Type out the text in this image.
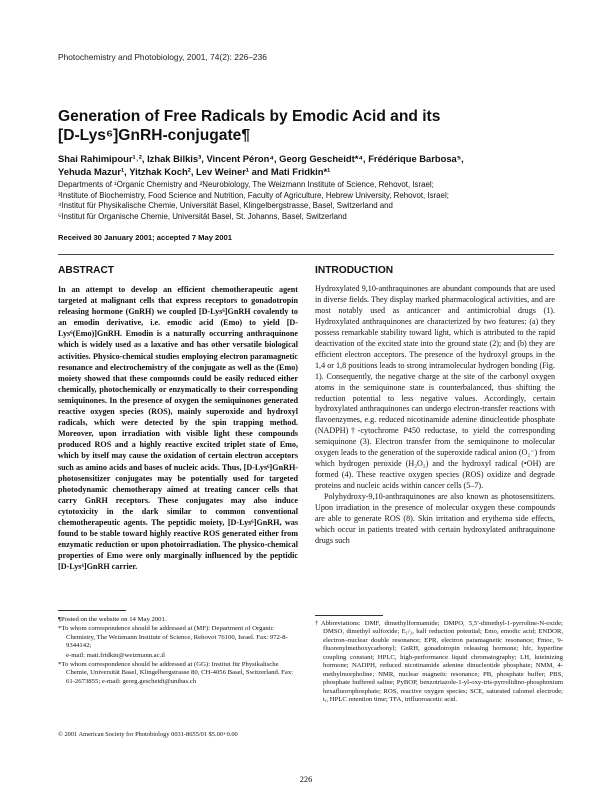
Photochemistry and Photobiology, 2001, 74(2): 226–236
Generation of Free Radicals by Emodic Acid and its
[D-Lys⁶]GnRH-conjugate¶
Shai Rahimipour¹˒², Izhak Bilkis³, Vincent Péron⁴, Georg Gescheidt*⁴, Frédérique Barbosa⁵,
Yehuda Mazur¹, Yitzhak Koch², Lev Weiner¹ and Mati Fridkin*¹
Departments of ¹Organic Chemistry and ²Neurobiology, The Weizmann Institute of Science, Rehovot, Israel;
³Institute of Biochemistry, Food Science and Nutrition, Faculty of Agriculture, Hebrew University, Rehovot, Israel;
⁴Institut für Physikalische Chemie, Universität Basel, Klingelbergstrasse, Basel, Switzerland and
⁵Institut für Organische Chemie, Universität Basel, St. Johanns, Basel, Switzerland
Received 30 January 2001; accepted 7 May 2001
ABSTRACT	INTRODUCTION
In an attempt to develop an efficient chemotherapeutic agent targeted at malignant cells that express receptors to gonadotropin releasing hormone (GnRH) we coupled [D-Lys⁶]GnRH covalently to an emodin derivative, i.e. emodic acid (Emo) to yield [D-Lys⁶(Emo)]GnRH. Emodin is a naturally occurring anthraquinone which is widely used as a laxative and has other versatile biological activities. Physico-chemical studies employing electron paramagnetic resonance and electrochemistry of the conjugate as well as the (Emo) moiety showed that these compounds could be easily reduced either chemically, photochemically or enzymatically to their corresponding semiquinones. In the presence of oxygen the semiquinones generated reactive oxygen species (ROS), mainly superoxide and hydroxyl radicals, which were detected by the spin trapping method. Moreover, upon irradiation with visible light these compounds produced ROS and a highly reactive excited triplet state of Emo, which by itself may cause the oxidation of certain electron acceptors such as amino acids and bases of nucleic acids. Thus, [D-Lys⁶]GnRH-photosensitizer conjugates may be potentially used for targeted photodynamic chemotherapy aimed at treating cancer cells that carry GnRH receptors. These conjugates may also induce cytotoxicity in the dark similar to common conventional chemotherapeutic agents. The peptidic moiety, [D-Lys⁶]GnRH, was found to be stable toward highly reactive ROS generated either from enzymatic reduction or upon photoirradiation. The physico-chemical properties of Emo were only marginally influenced by the peptidic [D-Lys⁶]GnRH carrier.

Hydroxylated 9,10-anthraquinones are abundant compounds that are used in diverse fields. They display marked pharmacological activities, and are most notably used as anticancer and antimicrobial drugs (1). Hydroxylated anthraquinones are characterized by two features: (a) they possess remarkable stability toward light, which is attributed to the rapid deactivation of the excited state into the ground state (2); and (b) they are efficient electron acceptors. The presence of the hydroxyl groups in the 1,4 or 1,8 positions leads to strong intramolecular hydrogen bonding (Fig. 1). Consequently, the negative charge at the site of the carbonyl oxygen atoms in the semiquinone state is counterbalanced, thus shifting the reduction potential to less negative values. Accordingly, certain hydroxylated anthraquinones can undergo electron-transfer reactions with flavoenzymes, e.g. reduced nicotinamide adenine dinucleotide phosphate (NADPH)†-cytochrome P450 reductase, to yield the corresponding semiquinone (3). Electron transfer from the semiquinone to molecular oxygen leads to the generation of the superoxide radical anion (O₂⁻) from which hydrogen peroxide (H₂O₂) and the hydroxyl radical (•OH) are formed (4). These reactive oxygen species (ROS) oxidize and degrade proteins and nucleic acids within cancer cells (5–7).

Polyhydroxy-9,10-anthraquinones are also known as photosensitizers. Upon irradiation in the presence of molecular oxygen these compounds are able to generate ROS (8). Skin irritation and erythema side effects, which occur in patients treated with certain hydroxylated anthraquinone drugs such

¶Posted on the website on 14 May 2001.
*To whom correspondence should be addressed at (MF): Department of Organic Chemistry, The Weizmann Institute of Science, Rehovot 76100, Israel. Fax: 972-8-9344142;
e-mail: mati.fridkin@weizmann.ac.il
*To whom correspondence should be addressed at (GG): Institut für Physikalische Chemie, Universität Basel, Klingelbergstrasse 80, CH-4056 Basel, Switzerland. Fax: 61-2673855; e-mail: georg.gescheidt@unibas.ch
© 2001 American Society for Photobiology 0031-8655/01 $5.00+0.00
†Abbreviations: DMF, dimethylformamide; DMPO, 5,5′-dimethyl-1-pyrroline-N-oxide; DMSO, dimethyl sulfoxide; E₁/₂, half reduction potential; Emo, emodic acid; ENDOR, electron–nuclear double resonance; EPR, electron paramagnetic resonance; Fmoc, 9-fluorenylmethoxycarbonyl; GnRH, gonadotropin releasing hormone; hfc, hyperfine coupling constant; HPLC, high-performance liquid chromatography; LH, luteinizing hormone; NADPH, reduced nicotinamide adenine dinucleotide phosphate; NMM, 4-methylmorpholine; NMR, nuclear magnetic resonance; PB, phosphate buffer; PBS, phosphate buffered saline; PyBOP, benzotriazole-1-yl-oxy-tris-pyrrolidino-phosphonium hexafluorophosphate; ROS, reactive oxygen species; SCE, saturated calomel electrode; tᵣ, HPLC retention time; TFA, trifluoroacetic acid.
226
